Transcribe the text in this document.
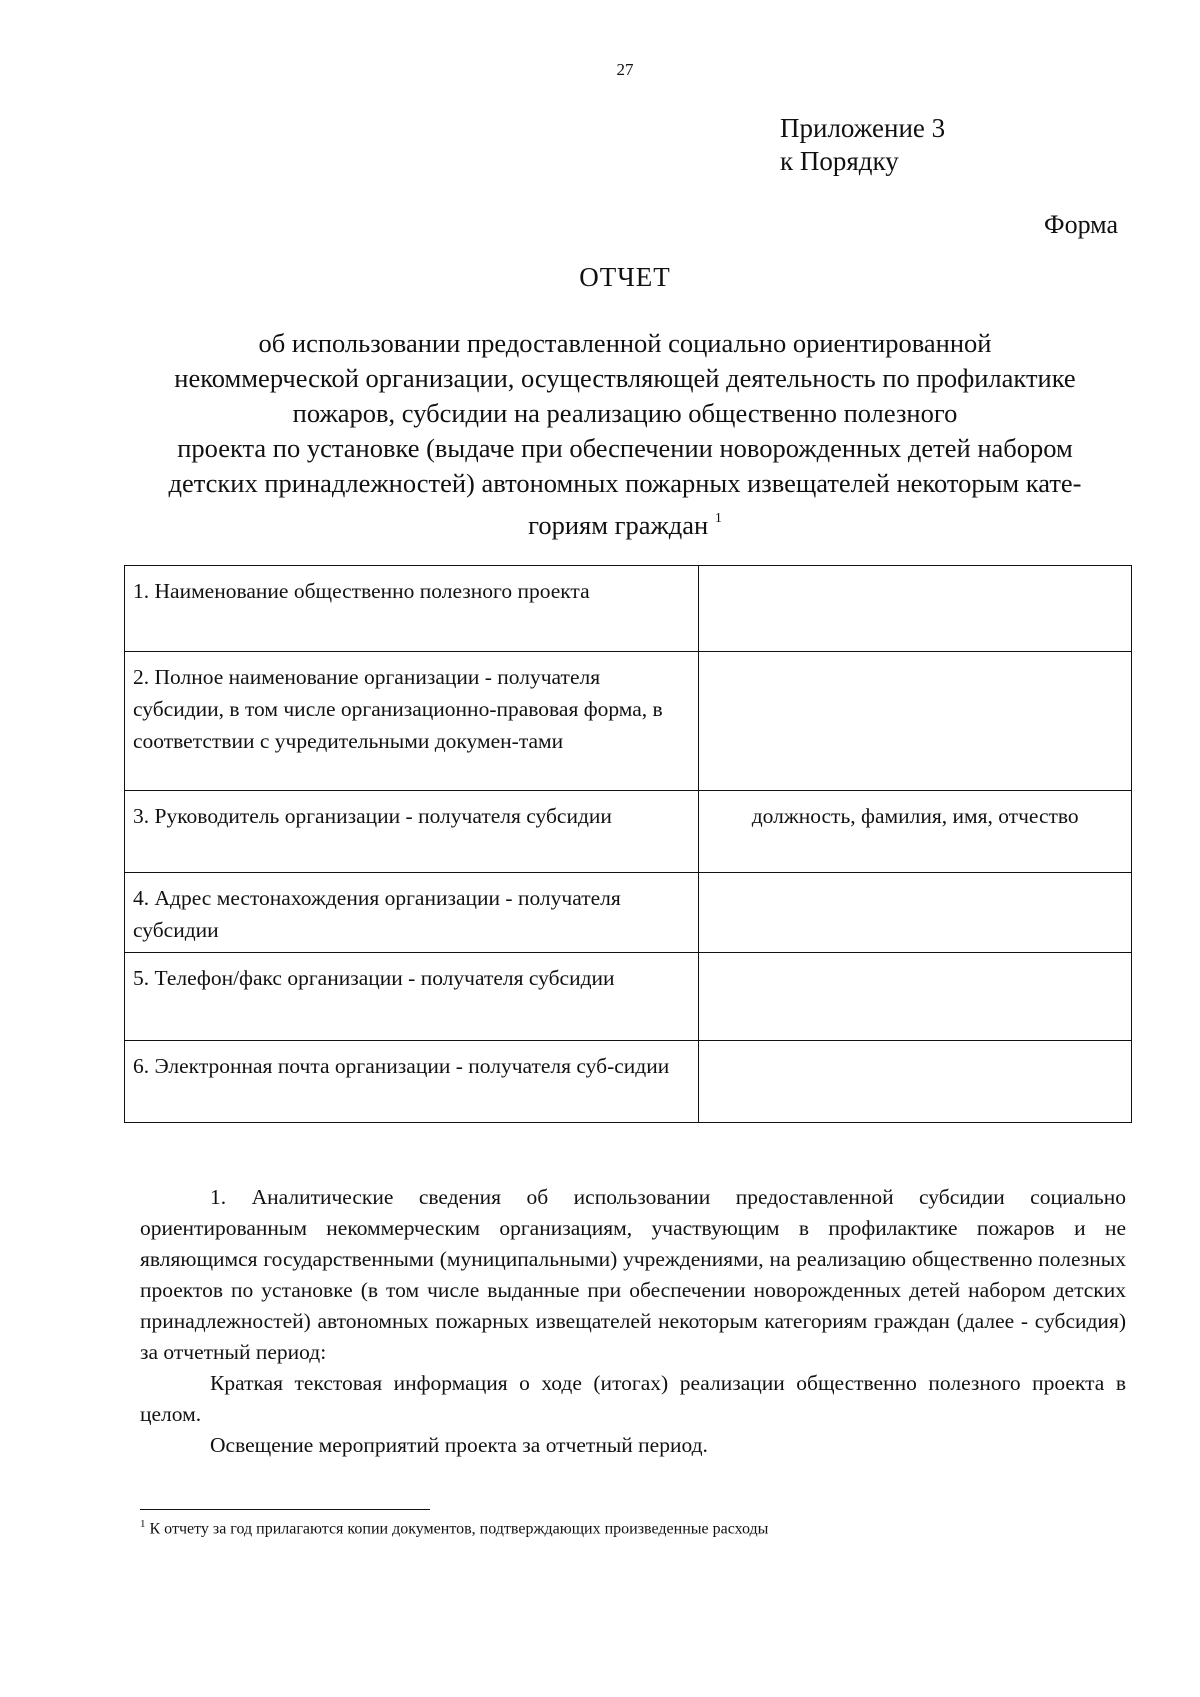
27
Приложение 3
к Порядку
Форма
ОТЧЕТ
об использовании предоставленной социально ориентированной
некоммерческой организации, осуществляющей деятельность по профилактике
пожаров, субсидии на реализацию общественно полезного
проекта по установке (выдаче при обеспечении новорожденных детей набором
детских принадлежностей) автономных пожарных извещателей некоторым кате-
гориям граждан $^1$
1. Наименование общественно полезного проекта	
2. Полное наименование организации - получателя субсидии, в том числе организационно-правовая форма, в соответствии с учредительными докумен-тами	
3. Руководитель организации - получателя субсидии	должность, фамилия, имя, отчество
4. Адрес местонахождения организации - получателя субсидии	
5. Телефон/факс организации - получателя субсидии	
6. Электронная почта организации - получателя суб-сидии	

1. Аналитические сведения об использовании предоставленной субсидии социально ориентированным некоммерческим организациям, участвующим в профилактике пожаров и не являющимся государственными (муниципальными) учреждениями, на реализацию общественно полезных проектов по установке (в том числе выданные при обеспечении новорожденных детей набором детских принадлежностей) автономных пожарных извещателей некоторым категориям граждан (далее - субсидия) за отчетный период:

Краткая текстовая информация о ходе (итогах) реализации общественно полезного проекта в целом.

Освещение мероприятий проекта за отчетный период.

$^1$ К отчету за год прилагаются копии документов, подтверждающих произведенные расходы
